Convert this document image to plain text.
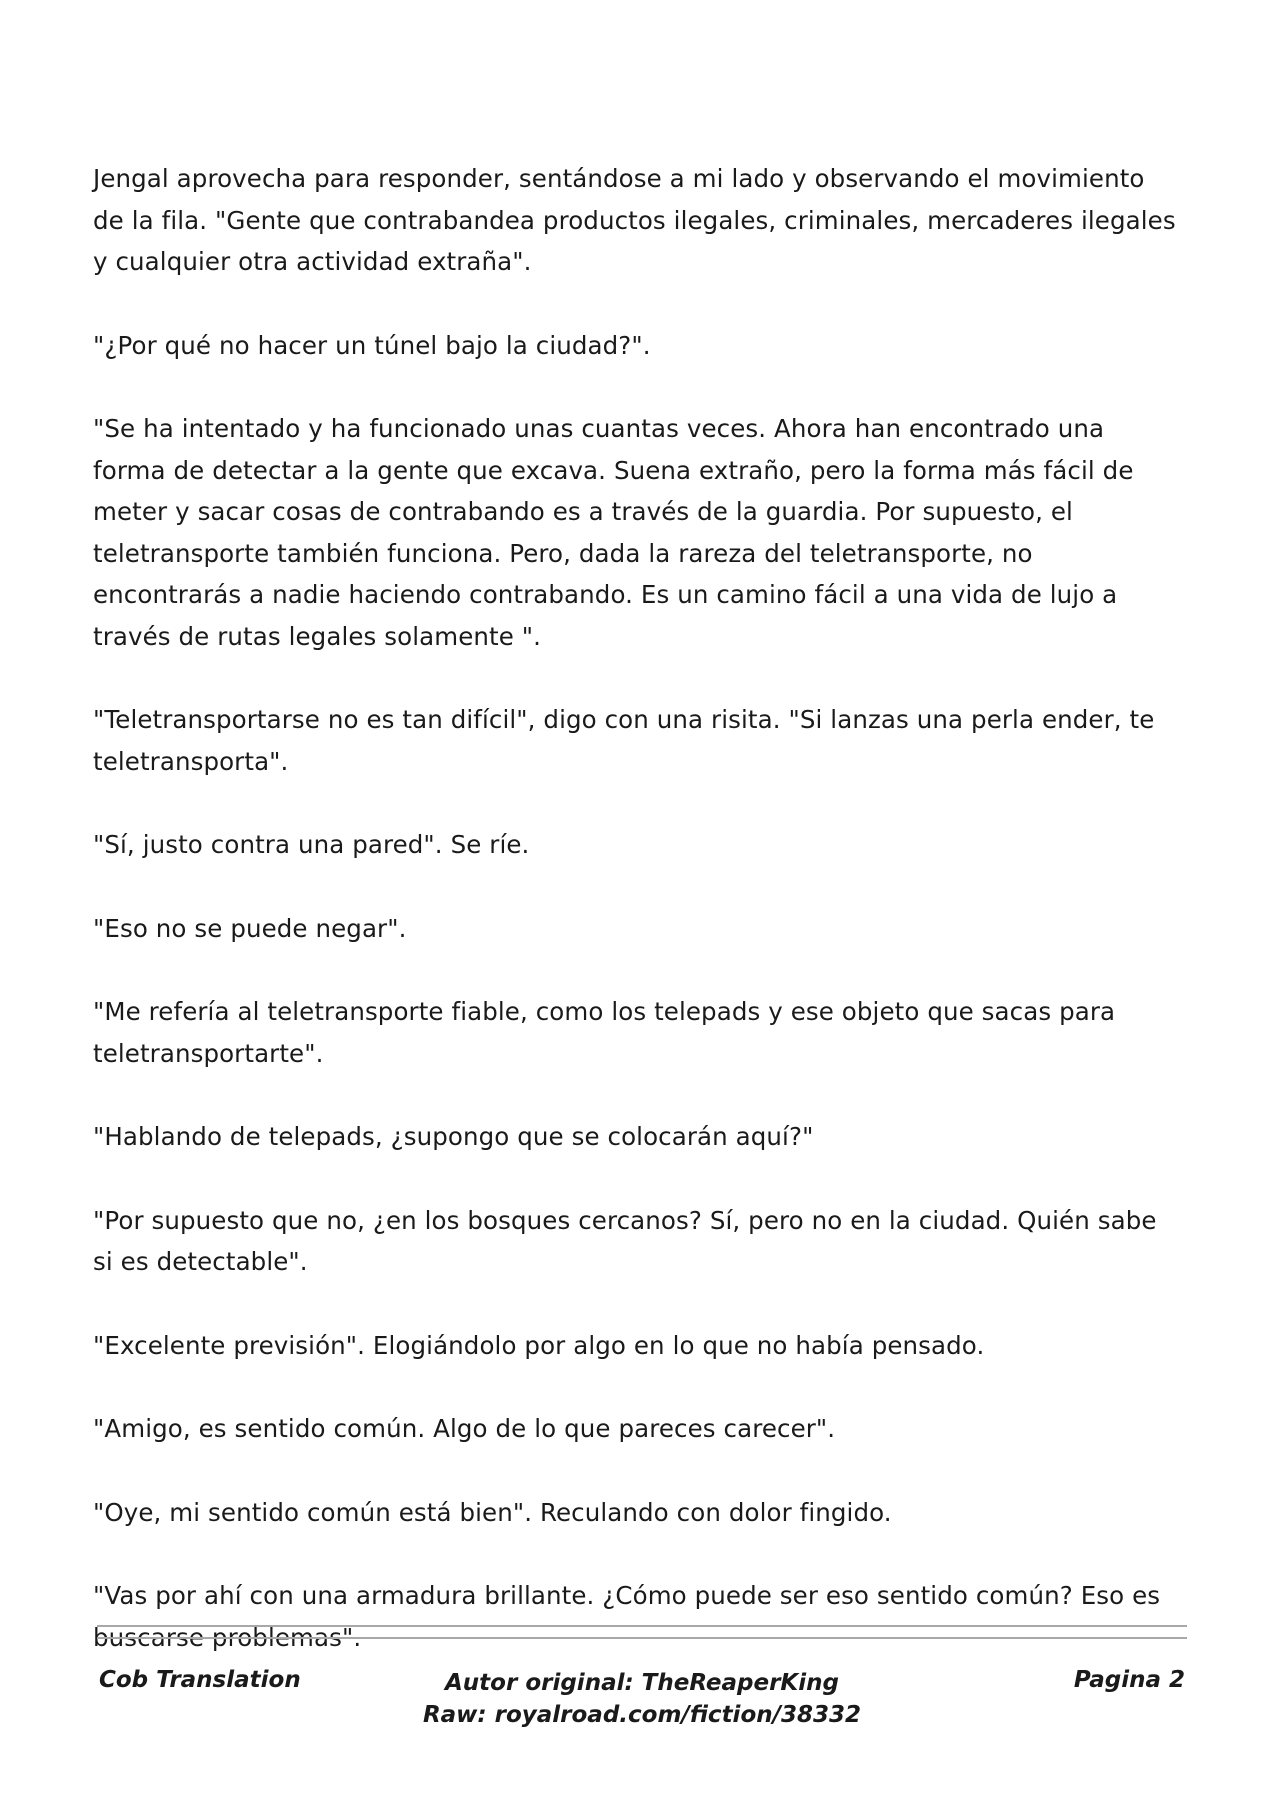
Jengal aprovecha para responder, sentándose a mi lado y observando el movimiento de la fila. "Gente que contrabandea productos ilegales, criminales, mercaderes ilegales y cualquier otra actividad extraña".

"¿Por qué no hacer un túnel bajo la ciudad?".

"Se ha intentado y ha funcionado unas cuantas veces. Ahora han encontrado una forma de detectar a la gente que excava. Suena extraño, pero la forma más fácil de meter y sacar cosas de contrabando es a través de la guardia. Por supuesto, el teletransporte también funciona. Pero, dada la rareza del teletransporte, no encontrarás a nadie haciendo contrabando. Es un camino fácil a una vida de lujo a través de rutas legales solamente ".

"Teletransportarse no es tan difícil", digo con una risita. "Si lanzas una perla ender, te teletransporta".

"Sí, justo contra una pared". Se ríe.

"Eso no se puede negar".

"Me refería al teletransporte fiable, como los telepads y ese objeto que sacas para teletransportarte".

"Hablando de telepads, ¿supongo que se colocarán aquí?"

"Por supuesto que no, ¿en los bosques cercanos? Sí, pero no en la ciudad. Quién sabe si es detectable".

"Excelente previsión". Elogiándolo por algo en lo que no había pensado.

"Amigo, es sentido común. Algo de lo que pareces carecer".

"Oye, mi sentido común está bien". Reculando con dolor fingido.

"Vas por ahí con una armadura brillante. ¿Cómo puede ser eso sentido común? Eso es buscarse problemas".

Cob Translation	Autor original: TheReaperKing
Raw: royalroad.com/fiction/38332
Pagina 2
